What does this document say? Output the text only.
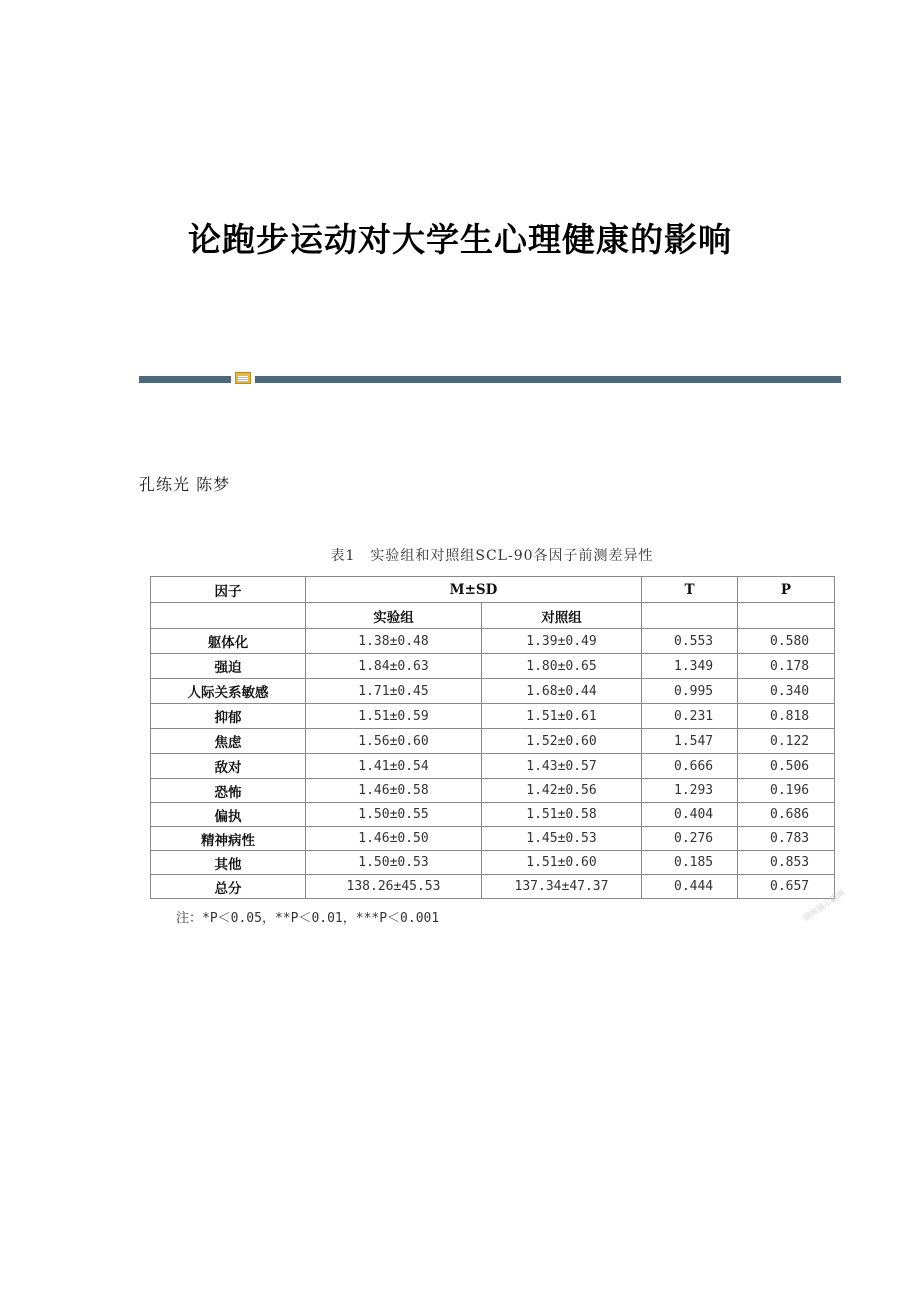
论跑步运动对大学生心理健康的影响
孔练光 陈梦
表1　实验组和对照组SCL-90各因子前测差异性
因子	M±SD		T	P
	实验组	对照组		
躯体化	1.38±0.48	1.39±0.49	0.553	0.580
强迫	1.84±0.63	1.80±0.65	1.349	0.178
人际关系敏感	1.71±0.45	1.68±0.44	0.995	0.340
抑郁	1.51±0.59	1.51±0.61	0.231	0.818
焦虑	1.56±0.60	1.52±0.60	1.547	0.122
敌对	1.41±0.54	1.43±0.57	0.666	0.506
恐怖	1.46±0.58	1.42±0.56	1.293	0.196
偏执	1.50±0.55	1.51±0.58	0.404	0.686
精神病性	1.46±0.50	1.45±0.53	0.276	0.783
其他	1.50±0.53	1.51±0.60	0.185	0.853
总分	138.26±45.53	137.34±47.37	0.444	0.657
注：*P＜0.05，**P＜0.01，***P＜0.001	原图展示截图
